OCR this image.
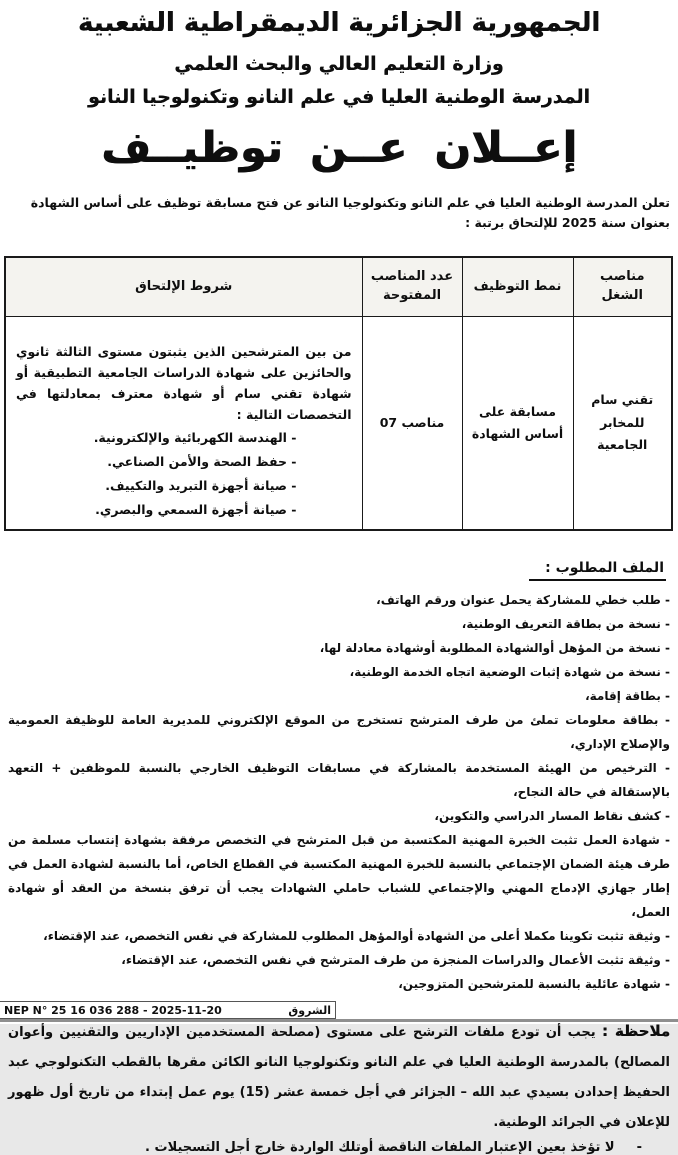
الجمهورية الجزائرية الديمقراطية الشعبية
وزارة التعليم العالي والبحث العلمي
المدرسة الوطنية العليا في علم النانو وتكنولوجيا النانو
إعــلان عــن توظيــف

تعلن المدرسة الوطنية العليا في علم النانو وتكنولوجيا النانو عن فتح مسابقة توظيف على أساس الشهادة بعنوان سنة 2025 للإلتحاق برتبة :

مناصب الشغل	نمط التوظيف	عدد المناصب المفتوحة	شروط الإلتحاق
تقني سام للمخابر الجامعية	مسابقة على أساس الشهادة	07 مناصب	من بين المترشحين الذين يثبتون مستوى الثالثة ثانوي والحائزين على شهادة الدراسات الجامعية التطبيقية أو شهادة تقني سام أو شهادة معترف بمعادلتها في التخصصات التالية :
- الهندسة الكهربائية والإلكترونية.
- حفظ الصحة والأمن الصناعي.
- صيانة أجهزة التبريد والتكييف.
- صيانة أجهزة السمعي والبصري.
الملف المطلوب :

- طلب خطي للمشاركة يحمل عنوان ورقم الهاتف،

- نسخة من بطاقة التعريف الوطنية،

- نسخة من المؤهل أوالشهادة المطلوبة أوشهادة معادلة لها،

- نسخة من شهادة إثبات الوضعية اتجاه الخدمة الوطنية،

- بطاقة إقامة،

- بطاقة معلومات تملئ من طرف المترشح تستخرج من الموقع الإلكتروني للمديرية العامة للوظيفة العمومية والإصلاح الإداري،

- الترخيص من الهيئة المستخدمة بالمشاركة في مسابقات التوظيف الخارجي بالنسبة للموظفين + التعهد بالإستقالة في حالة النجاح،

- كشف نقاط المسار الدراسي والتكوين،

- شهادة العمل تثبت الخبرة المهنية المكتسبة من قبل المترشح في التخصص مرفقة بشهادة إنتساب مسلمة من طرف هيئة الضمان الإجتماعي بالنسبة للخبرة المهنية المكتسبة في القطاع الخاص، أما بالنسبة لشهادة العمل في إطار جهازي الإدماج المهني والإجتماعي للشباب حاملي الشهادات يجب أن ترفق بنسخة من العقد أو شهادة العمل،

- وثيقة تثبت تكوينا مكملا أعلى من الشهادة أوالمؤهل المطلوب للمشاركة في نفس التخصص، عند الإقتضاء،

- وثيقة تثبت الأعمال والدراسات المنجزة من طرف المترشح في نفس التخصص، عند الإقتضاء،

- شهادة عائلية بالنسبة للمترشحين المتزوجين،

ملاحظة : يجب أن تودع ملفات الترشح على مستوى (مصلحة المستخدمين الإداريين والتقنيين وأعوان المصالح) بالمدرسة الوطنية العليا في علم النانو وتكنولوجيا النانو الكائن مقرها بالقطب التكنولوجي عبد الحفيظ إحدادن بسيدي عبد الله – الجزائر في أجل خمسة عشر (15) يوم عمل إبتداء من تاريخ أول ظهور للإعلان في الجرائد الوطنية.

-لا تؤخذ بعين الإعتبار الملفات الناقصة أوتلك الواردة خارج أجل التسجيلات .

NEP N° 25 16 036 288 - 2025-11-20	الشروق
